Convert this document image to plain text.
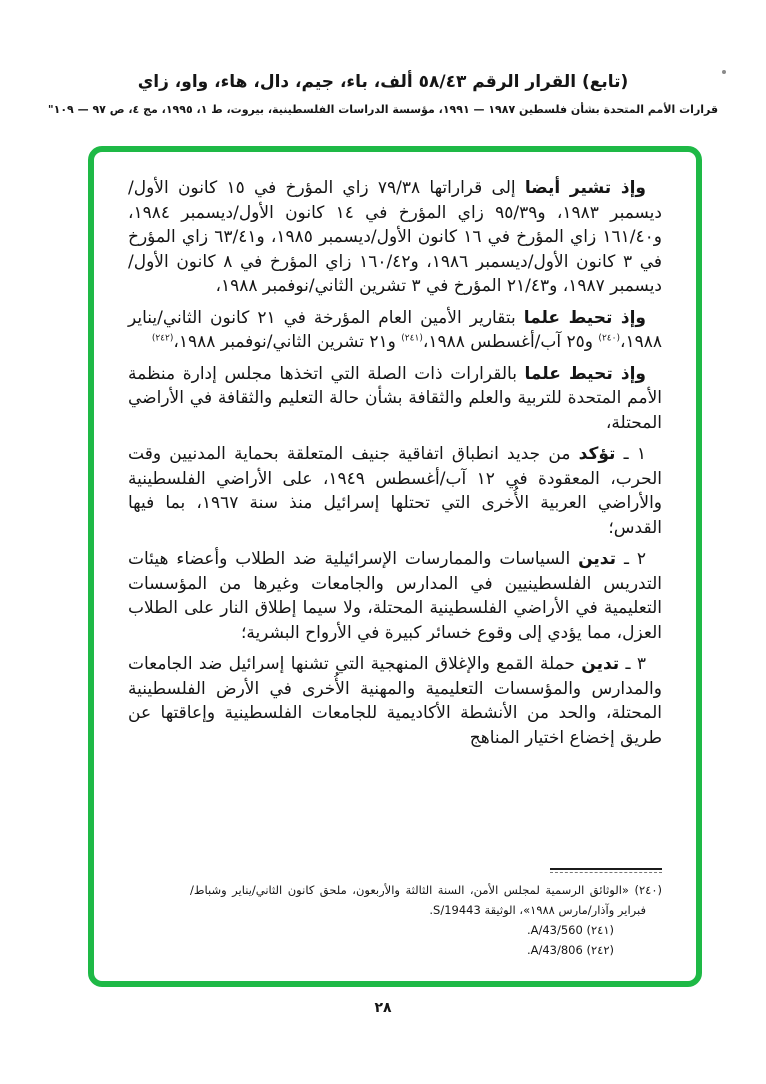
(تابع) القرار الرقم ٥٨/٤٣ ألف، باء، جيم، دال، هاء، واو، زاي
قرارات الأمم المتحدة بشأن فلسطين ١٩٨٧ — ١٩٩١، مؤسسة الدراسات الفلسطينية، بيروت، ط ١، ١٩٩٥، مج ٤، ص ٩٧ — ١٠٩"

وإذ تشير أيضا إلى قراراتها ٧٩/٣٨ زاي المؤرخ في ١٥ كانون الأول/ديسمبر ١٩٨٣، و٩٥/٣٩ زاي المؤرخ في ١٤ كانون الأول/ديسمبر ١٩٨٤، و١٦١/٤٠ زاي المؤرخ في ١٦ كانون الأول/ديسمبر ١٩٨٥، و٦٣/٤١ زاي المؤرخ في ٣ كانون الأول/ديسمبر ١٩٨٦، و١٦٠/٤٢ زاي المؤرخ في ٨ كانون الأول/ديسمبر ١٩٨٧، و٢١/٤٣ المؤرخ في ٣ تشرين الثاني/نوفمبر ١٩٨٨،

وإذ تحيط علما بتقارير الأمين العام المؤرخة في ٢١ كانون الثاني/يناير ١٩٨٨،$^{(٢٤٠)}$ و٢٥ آب/أغسطس ١٩٨٨،$^{(٢٤١)}$ و٢١ تشرين الثاني/نوفمبر ١٩٨٨،$^{(٢٤٢)}$

وإذ تحيط علما بالقرارات ذات الصلة التي اتخذها مجلس إدارة منظمة الأمم المتحدة للتربية والعلم والثقافة بشأن حالة التعليم والثقافة في الأراضي المحتلة،

١ ـ تؤكد من جديد انطباق اتفاقية جنيف المتعلقة بحماية المدنيين وقت الحرب، المعقودة في ١٢ آب/أغسطس ١٩٤٩، على الأراضي الفلسطينية والأراضي العربية الأُخرى التي تحتلها إسرائيل منذ سنة ١٩٦٧، بما فيها القدس؛

٢ ـ تدين السياسات والممارسات الإسرائيلية ضد الطلاب وأعضاء هيئات التدريس الفلسطينيين في المدارس والجامعات وغيرها من المؤسسات التعليمية في الأراضي الفلسطينية المحتلة، ولا سيما إطلاق النار على الطلاب العزل، مما يؤدي إلى وقوع خسائر كبيرة في الأرواح البشرية؛

٣ ـ تدين حملة القمع والإغلاق المنهجية التي تشنها إسرائيل ضد الجامعات والمدارس والمؤسسات التعليمية والمهنية الأُخرى في الأرض الفلسطينية المحتلة، والحد من الأنشطة الأكاديمية للجامعات الفلسطينية وإعاقتها عن طريق إخضاع اختيار المناهج

(٢٤٠) «الوثائق الرسمية لمجلس الأمن، السنة الثالثة والأربعون، ملحق كانون الثاني/يناير وشباط/فبراير وآذار/مارس ١٩٨٨»، الوثيقة S/19443.
(٢٤١) A/43/560.
(٢٤٢) A/43/806.
٢٨
